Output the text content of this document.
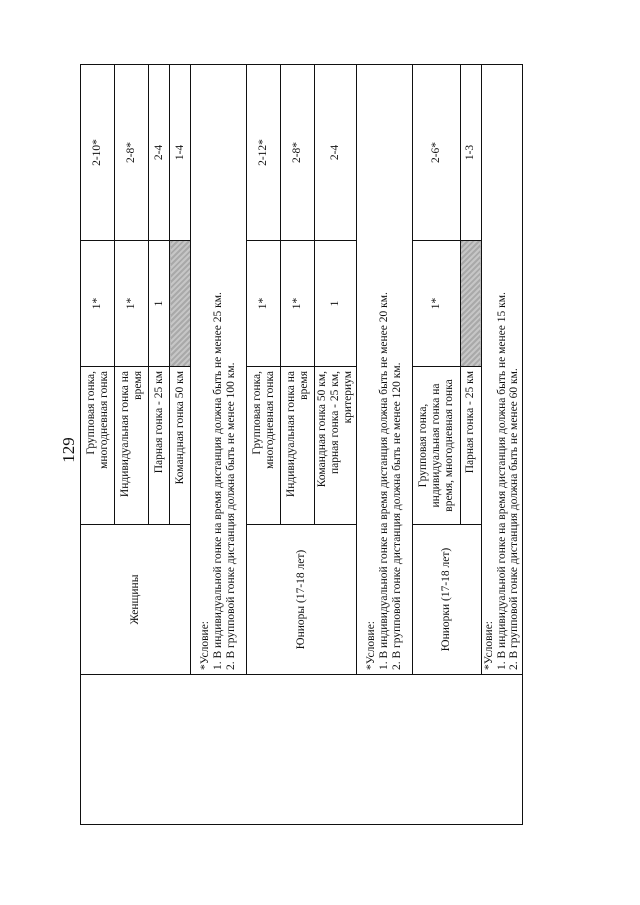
129
	Женщины	Групповая гонка, многодневная гонка	1*	2-10*
		Индивидуальная гонка на время	1*	2-8*
		Парная гонка - 25 км	1	2-4
		Командная гонка 50 км		1-4

	*Условие: 1. В индивидуальной гонке на время дистанция должна быть не менее 25 км. 2. В групповой гонке дистанция должна быть не менее 100 км.			

	Юниоры (17-18 лет)	Групповая гонка, многодневная гонка	1*	2-12*
		Индивидуальная гонка на время	1*	2-8*
		Командная гонка 50 км, парная гонка - 25 км, критериум	1	2-4

	*Условие: 1. В индивидуальной гонке на время дистанция должна быть не менее 20 км. 2. В групповой гонке дистанция должна быть не менее 120 км.			

	Юниорки (17-18 лет)	Групповая гонка, индивидуальная гонка на время, многодневная гонка	1*	2-6*
		Парная гонка - 25 км		1-3

	*Условие: 1. В индивидуальной гонке на время дистанция должна быть не менее 15 км. 2. В групповой гонке дистанция должна быть не менее 60 км.			
